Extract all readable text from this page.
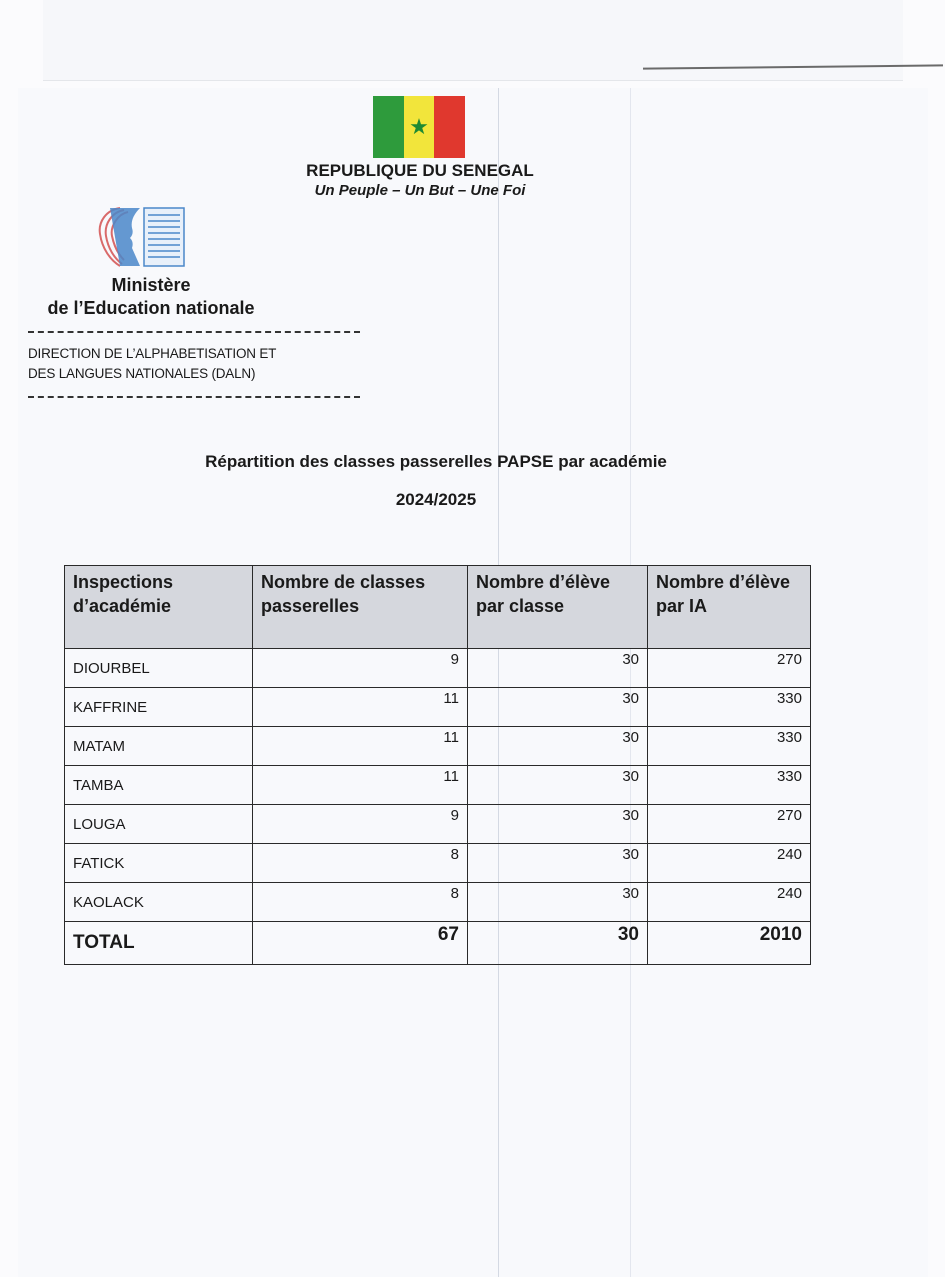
★
REPUBLIQUE DU SENEGAL
Un Peuple – Un But – Une Foi
Ministère
de l’Education nationale
DIRECTION DE L’ALPHABETISATION ET
DES LANGUES NATIONALES (DALN)
Répartition des classes passerelles PAPSE par académie
2024/2025
Inspections d’académie	Nombre de classes passerelles	Nombre d’élève par classe	Nombre d’élève par IA
DIOURBEL	9	30	270
KAFFRINE	11	30	330
MATAM	11	30	330
TAMBA	11	30	330
LOUGA	9	30	270
FATICK	8	30	240
KAOLACK	8	30	240
TOTAL	67	30	2010
